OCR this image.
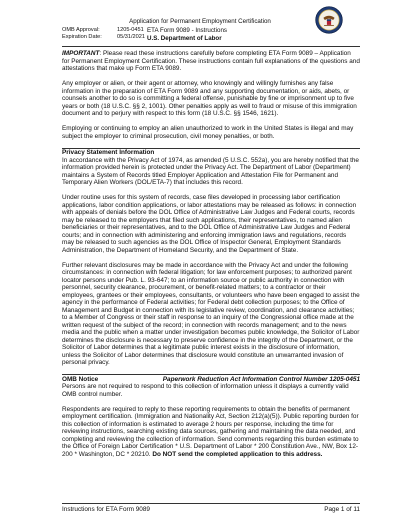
Application for Permanent Employment Certification
OMB Approval:	1205-0451
Expiration Date:	05/31/2021
ETA Form 9089 - Instructions
U.S. Department of Labor

IMPORTANT: Please read these instructions carefully before completing ETA Form 9089 – Application for Permanent Employment Certification. These instructions contain full explanations of the questions and attestations that make up Form ETA 9089.

Any employer or alien, or their agent or attorney, who knowingly and willingly furnishes any false information in the preparation of ETA Form 9089 and any supporting documentation, or aids, abets, or counsels another to do so is committing a federal offense, punishable by fine or imprisonment up to five years or both (18 U.S.C. §§ 2, 1001). Other penalties apply as well to fraud or misuse of this immigration document and to perjury with respect to this form (18 U.S.C. §§ 1546, 1621).

Employing or continuing to employ an alien unauthorized to work in the United States is illegal and may subject the employer to criminal prosecution, civil money penalties, or both.

Privacy Statement Information

In accordance with the Privacy Act of 1974, as amended (5 U.S.C. 552a), you are hereby notified that the information provided herein is protected under the Privacy Act. The Department of Labor (Department) maintains a System of Records titled Employer Application and Attestation File for Permanent and Temporary Alien Workers (DOL/ETA-7) that includes this record.

Under routine uses for this system of records, case files developed in processing labor certification applications, labor condition applications, or labor attestations may be released as follows: in connection with appeals of denials before the DOL Office of Administrative Law Judges and Federal courts, records may be released to the employers that filed such applications, their representatives, to named alien beneficiaries or their representatives, and to the DOL Office of Administrative Law Judges and Federal courts; and in connection with administering and enforcing immigration laws and regulations, records may be released to such agencies as the DOL Office of Inspector General, Employment Standards Administration, the Department of Homeland Security, and the Department of State.

Further relevant disclosures may be made in accordance with the Privacy Act and under the following circumstances: in connection with federal litigation; for law enforcement purposes; to authorized parent locator persons under Pub. L. 93-647; to an information source or public authority in connection with personnel, security clearance, procurement, or benefit-related matters; to a contractor or their employees, grantees or their employees, consultants, or volunteers who have been engaged to assist the agency in the performance of Federal activities; for Federal debt collection purposes; to the Office of Management and Budget in connection with its legislative review, coordination, and clearance activities; to a Member of Congress or their staff in response to an inquiry of the Congressional office made at the written request of the subject of the record; in connection with records management; and to the news media and the public when a matter under investigation becomes public knowledge, the Solicitor of Labor determines the disclosure is necessary to preserve confidence in the integrity of the Department, or the Solicitor of Labor determines that a legitimate public interest exists in the disclosure of information, unless the Solicitor of Labor determines that disclosure would constitute an unwarranted invasion of personal privacy.

OMB Notice	Paperwork Reduction Act Information Control Number 1205-0451

Persons are not required to respond to this collection of information unless it displays a currently valid OMB control number.

Respondents are required to reply to these reporting requirements to obtain the benefits of permanent employment certification. (Immigration and Nationality Act, Section 212(a)(5)). Public reporting burden for this collection of information is estimated to average 2 hours per response, including the time for reviewing instructions, searching existing data sources, gathering and maintaining the data needed, and completing and reviewing the collection of information. Send comments regarding this burden estimate to the Office of Foreign Labor Certification * U.S. Department of Labor * 200 Constitution Ave., NW, Box 12-200 * Washington, DC * 20210. Do NOT send the completed application to this address.

Instructions for ETA Form 9089	Page 1 of 11
